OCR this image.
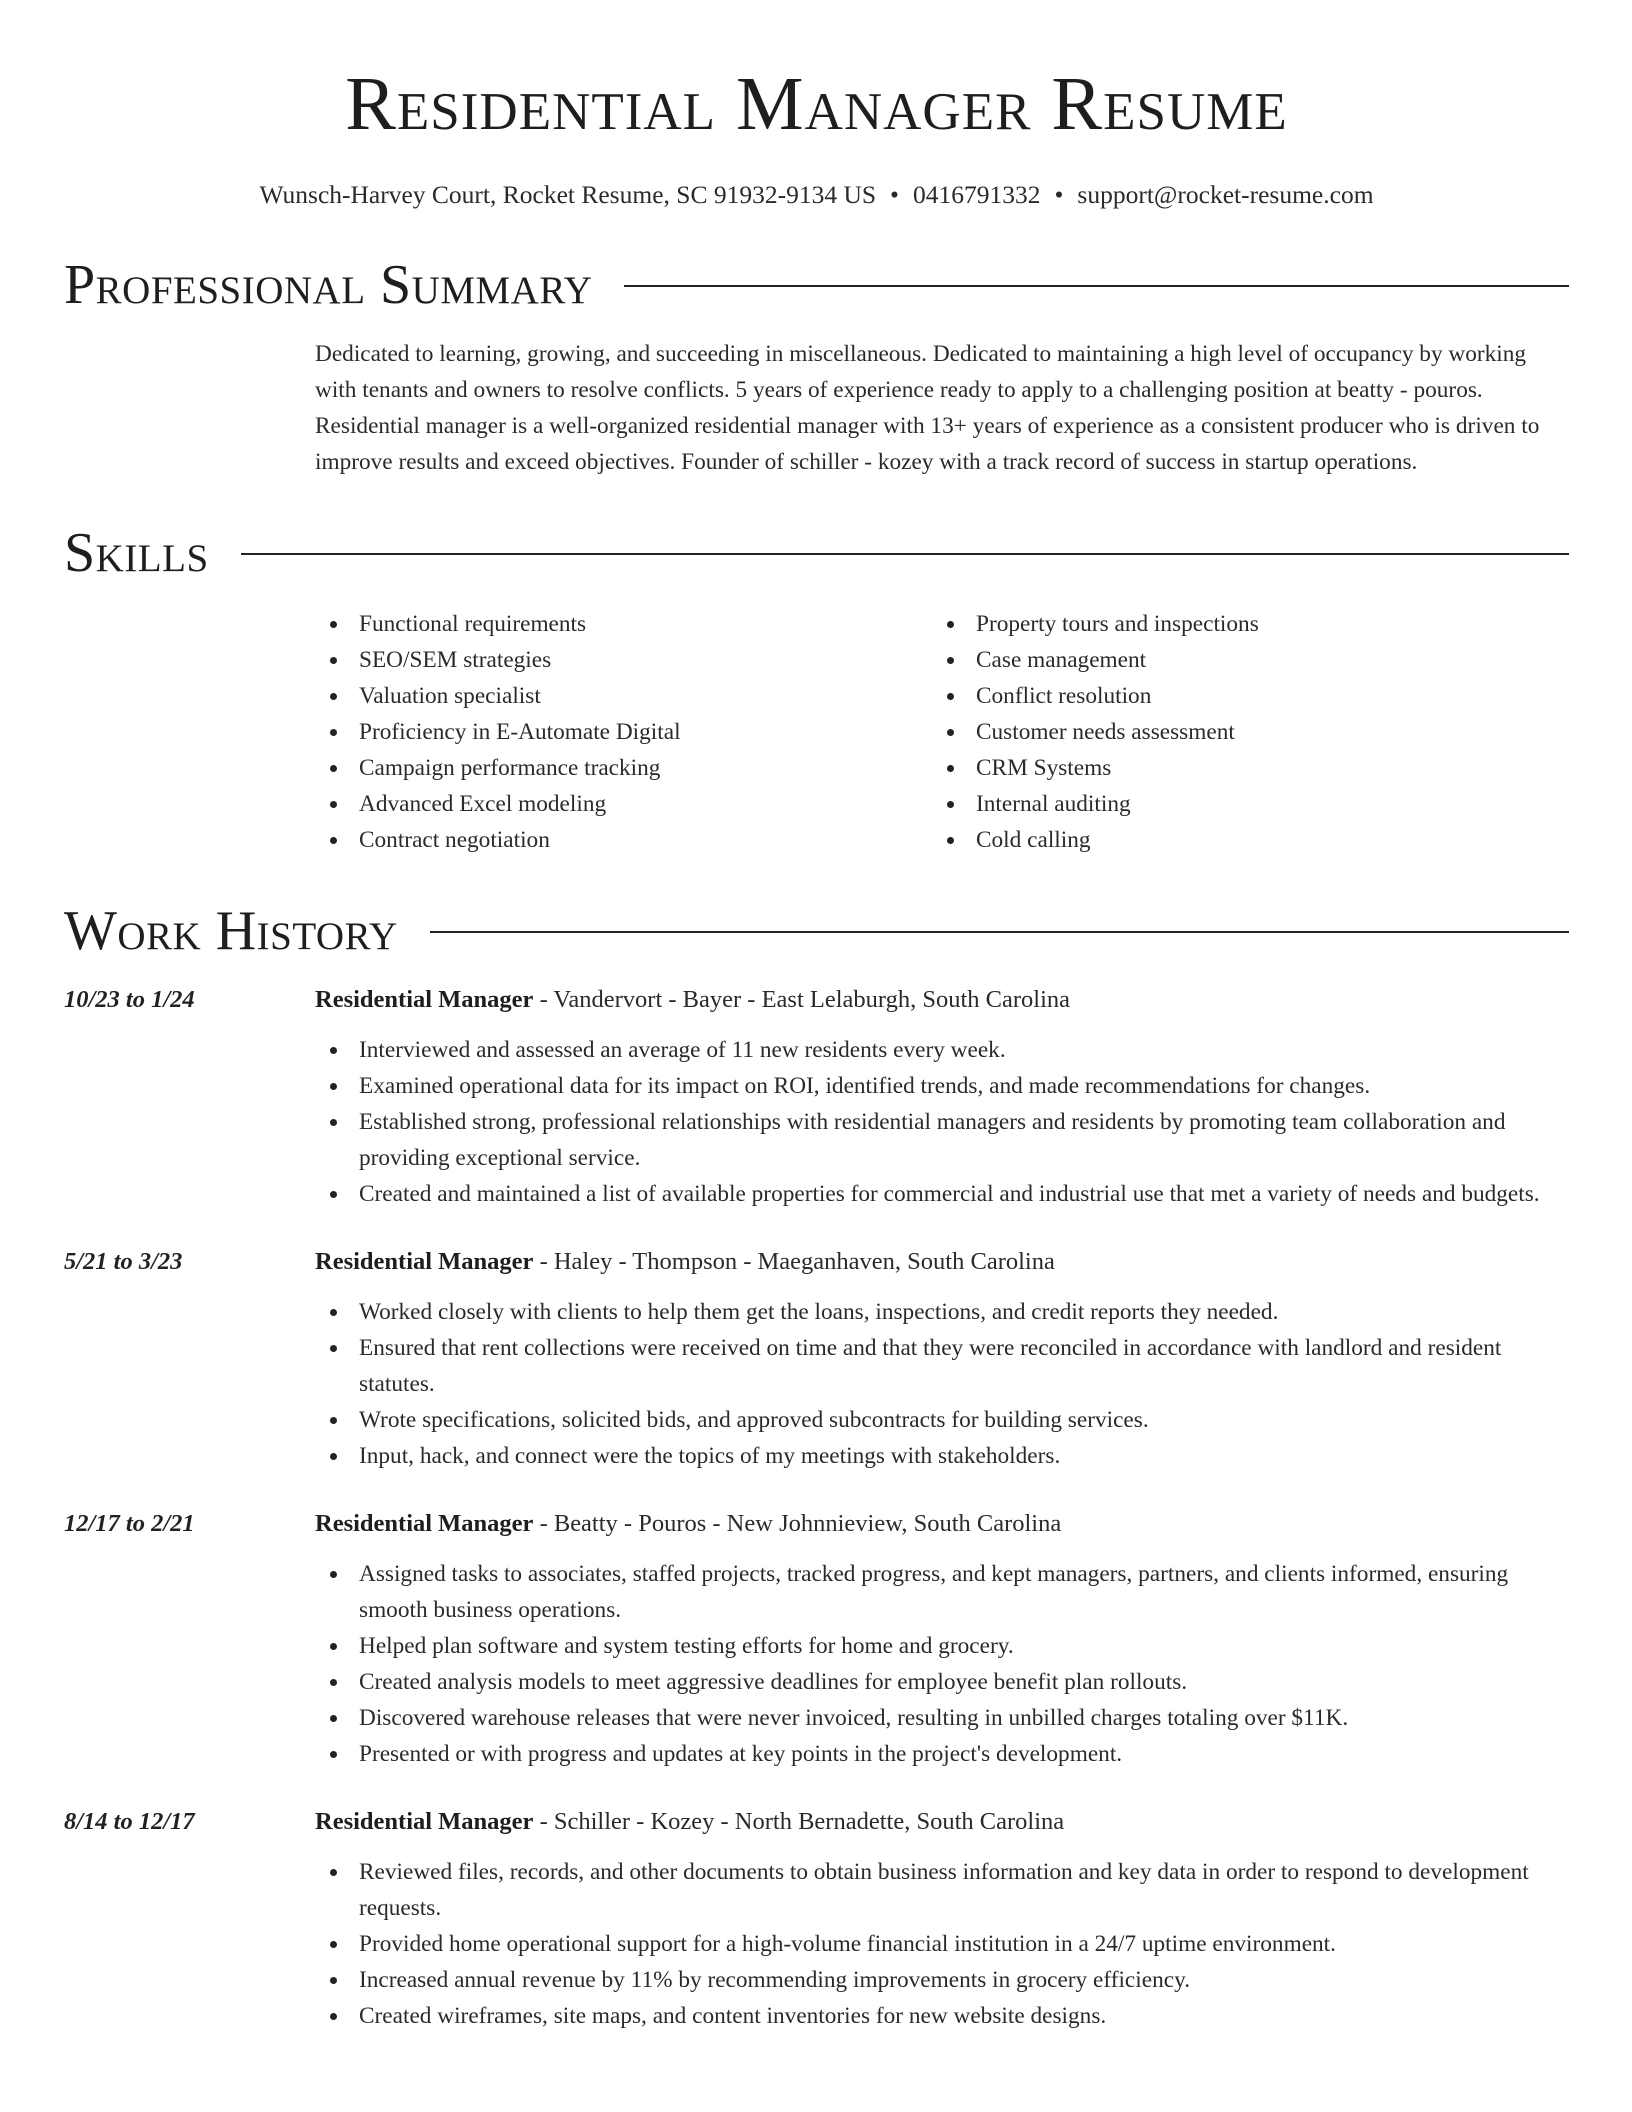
Residential Manager Resume
Wunsch-Harvey Court, Rocket Resume, SC 91932-9134 US • 0416791332 • support@rocket-resume.com
Professional Summary
Dedicated to learning, growing, and succeeding in miscellaneous. Dedicated to maintaining a high level of occupancy by working with tenants and owners to resolve conflicts. 5 years of experience ready to apply to a challenging position at beatty - pouros. Residential manager is a well-organized residential manager with 13+ years of experience as a consistent producer who is driven to improve results and exceed objectives. Founder of schiller - kozey with a track record of success in startup operations.
Skills
Functional requirements
SEO/SEM strategies
Valuation specialist
Proficiency in E-Automate Digital
Campaign performance tracking
Advanced Excel modeling
Contract negotiation
Property tours and inspections
Case management
Conflict resolution
Customer needs assessment
CRM Systems
Internal auditing
Cold calling
Work History
10/23 to 1/24	Residential Manager - Vandervort - Bayer - East Lelaburgh, South Carolina
Interviewed and assessed an average of 11 new residents every week.
Examined operational data for its impact on ROI, identified trends, and made recommendations for changes.
Established strong, professional relationships with residential managers and residents by promoting team collaboration and providing exceptional service.
Created and maintained a list of available properties for commercial and industrial use that met a variety of needs and budgets.
5/21 to 3/23	Residential Manager - Haley - Thompson - Maeganhaven, South Carolina
Worked closely with clients to help them get the loans, inspections, and credit reports they needed.
Ensured that rent collections were received on time and that they were reconciled in accordance with landlord and resident statutes.
Wrote specifications, solicited bids, and approved subcontracts for building services.
Input, hack, and connect were the topics of my meetings with stakeholders.
12/17 to 2/21	Residential Manager - Beatty - Pouros - New Johnnieview, South Carolina
Assigned tasks to associates, staffed projects, tracked progress, and kept managers, partners, and clients informed, ensuring smooth business operations.
Helped plan software and system testing efforts for home and grocery.
Created analysis models to meet aggressive deadlines for employee benefit plan rollouts.
Discovered warehouse releases that were never invoiced, resulting in unbilled charges totaling over $11K.
Presented or with progress and updates at key points in the project's development.
8/14 to 12/17	Residential Manager - Schiller - Kozey - North Bernadette, South Carolina
Reviewed files, records, and other documents to obtain business information and key data in order to respond to development requests.
Provided home operational support for a high-volume financial institution in a 24/7 uptime environment.
Increased annual revenue by 11% by recommending improvements in grocery efficiency.
Created wireframes, site maps, and content inventories for new website designs.
